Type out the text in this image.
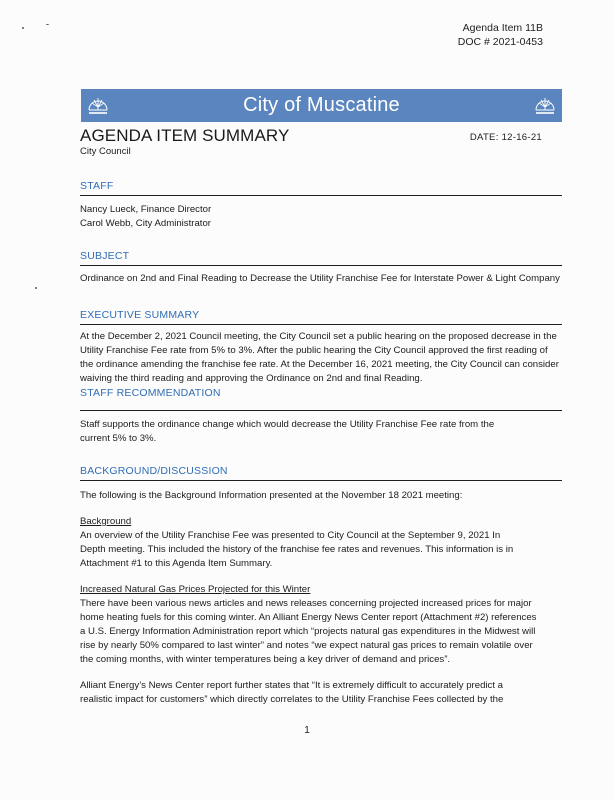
Agenda Item 11B
DOC # 2021-0453
City of Muscatine
AGENDA ITEM SUMMARY
City Council
DATE: 12-16-21
STAFF

Nancy Lueck, Finance Director

Carol Webb, City Administrator

SUBJECT

Ordinance on 2nd and Final Reading to Decrease the Utility Franchise Fee for Interstate Power & Light Company

EXECUTIVE SUMMARY

At the December 2, 2021 Council meeting, the City Council set a public hearing on the proposed decrease in the Utility Franchise Fee rate from 5% to 3%. After the public hearing the City Council approved the first reading of the ordinance amending the franchise fee rate. At the December 16, 2021 meeting, the City Council can consider waiving the third reading and approving the Ordinance on 2nd and final Reading.

STAFF RECOMMENDATION

Staff supports the ordinance change which would decrease the Utility Franchise Fee rate from the current 5% to 3%.

BACKGROUND/DISCUSSION

The following is the Background Information presented at the November 18 2021 meeting:

Background

An overview of the Utility Franchise Fee was presented to City Council at the September 9, 2021 In Depth meeting. This included the history of the franchise fee rates and revenues. This information is in Attachment #1 to this Agenda Item Summary.

Increased Natural Gas Prices Projected for this Winter

There have been various news articles and news releases concerning projected increased prices for major home heating fuels for this coming winter. An Alliant Energy News Center report (Attachment #2) references a U.S. Energy Information Administration report which “projects natural gas expenditures in the Midwest will rise by nearly 50% compared to last winter” and notes “we expect natural gas prices to remain volatile over the coming months, with winter temperatures being a key driver of demand and prices”.

Alliant Energy’s News Center report further states that “It is extremely difficult to accurately predict a realistic impact for customers” which directly correlates to the Utility Franchise Fees collected by the

1
